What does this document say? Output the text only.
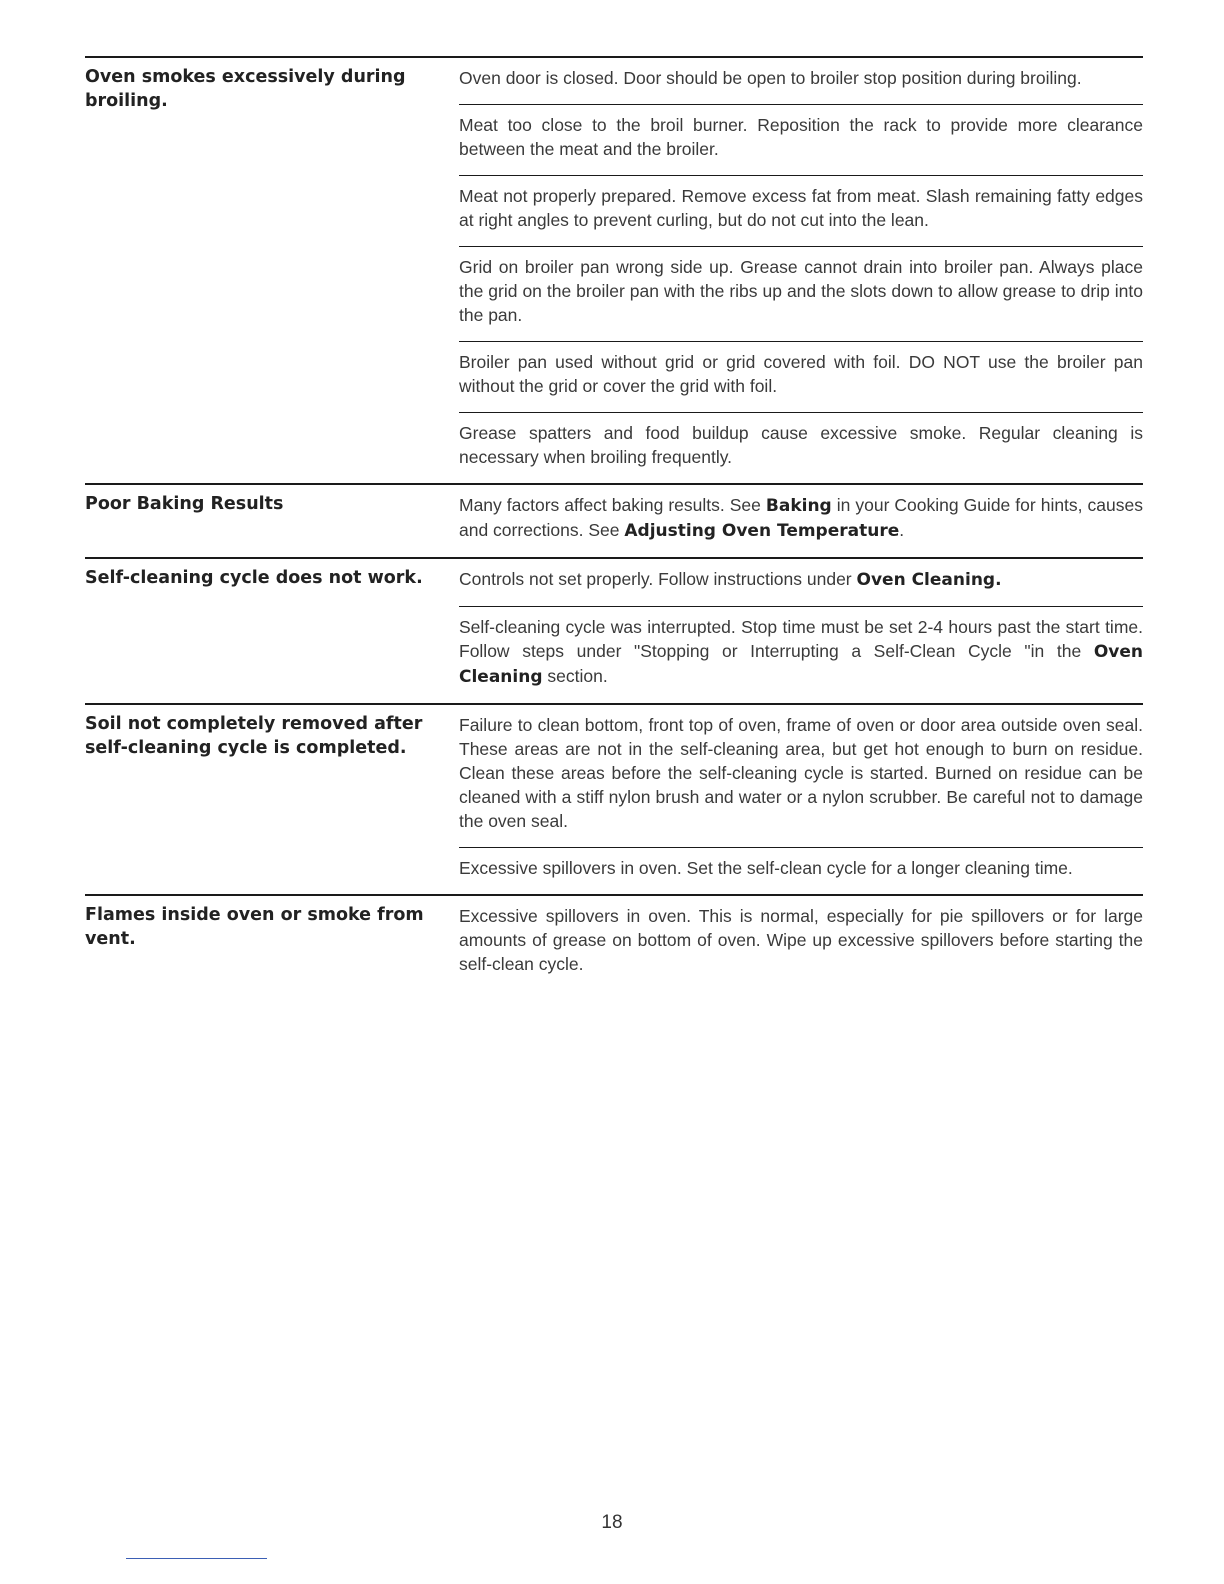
Oven smokes excessively during broiling.
Oven door is closed. Door should be open to broiler stop position during broiling.
Meat too close to the broil burner. Reposition the rack to provide more clearance between the meat and the broiler.
Meat not properly prepared. Remove excess fat from meat. Slash remaining fatty edges at right angles to prevent curling, but do not cut into the lean.
Grid on broiler pan wrong side up. Grease cannot drain into broiler pan. Always place the grid on the broiler pan with the ribs up and the slots down to allow grease to drip into the pan.
Broiler pan used without grid or grid covered with foil. DO NOT use the broiler pan without the grid or cover the grid with foil.
Grease spatters and food buildup cause excessive smoke. Regular cleaning is necessary when broiling frequently.
Poor Baking Results	Many factors affect baking results. See Baking in your Cooking Guide for hints, causes and corrections. See Adjusting Oven Temperature.
Self-cleaning cycle does not work.	Controls not set properly. Follow instructions under Oven Cleaning.
Self-cleaning cycle was interrupted. Stop time must be set 2-4 hours past the start time. Follow steps under "Stopping or Interrupting a Self-Clean Cycle "in the Oven Cleaning section.
Soil not completely removed after self-cleaning cycle is completed.
Failure to clean bottom, front top of oven, frame of oven or door area outside oven seal. These areas are not in the self-cleaning area, but get hot enough to burn on residue. Clean these areas before the self-cleaning cycle is started. Burned on residue can be cleaned with a stiff nylon brush and water or a nylon scrubber. Be careful not to damage the oven seal.
Excessive spillovers in oven. Set the self-clean cycle for a longer cleaning time.
Flames inside oven or smoke from vent.
Excessive spillovers in oven. This is normal, especially for pie spillovers or for large amounts of grease on bottom of oven. Wipe up excessive spillovers before starting the self-clean cycle.
18
